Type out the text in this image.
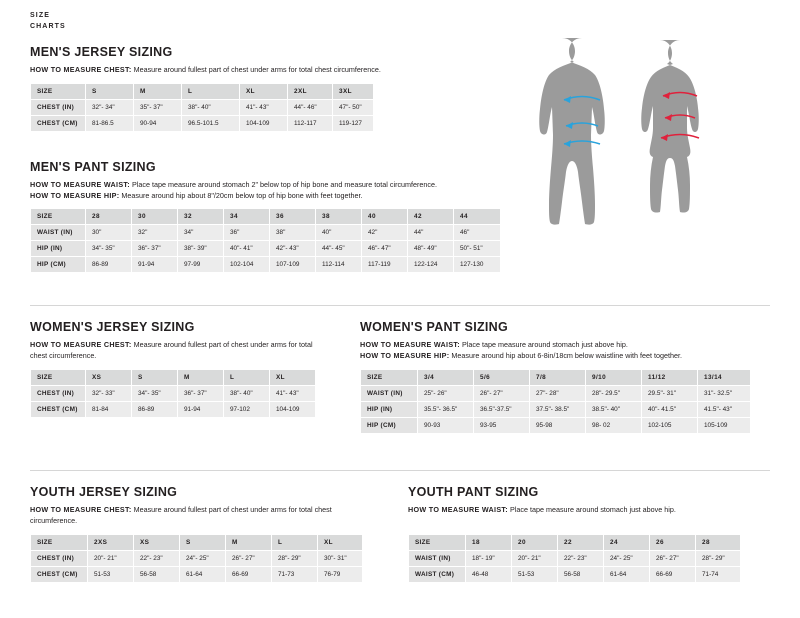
SIZE
CHARTS
MEN'S JERSEY SIZING

HOW TO MEASURE CHEST: Measure around fullest part of chest under arms for total chest circumference.

SIZE	S	M	L	XL	2XL	3XL
CHEST (IN)	32"- 34"	35"- 37"	38"- 40"	41"- 43"	44"- 46"	47"- 50"
CHEST (CM)	81-86.5	90-94	96.5-101.5	104-109	112-117	119-127
MEN'S PANT SIZING

HOW TO MEASURE WAIST: Place tape measure around stomach 2" below top of hip bone and measure total circumference.
HOW TO MEASURE HIP: Measure around hip about 8"/20cm below top of hip bone with feet together.

SIZE	28	30	32	34	36	38	40	42	44
WAIST (IN)	30"	32"	34"	36"	38"	40"	42"	44"	46"
HIP (IN)	34"- 35"	36"- 37"	38"- 39"	40"- 41"	42"- 43"	44"- 45"	46"- 47"	48"- 49"	50"- 51"
HIP (CM)	86-89	91-94	97-99	102-104	107-109	112-114	117-119	122-124	127-130
WOMEN'S JERSEY SIZING

HOW TO MEASURE CHEST: Measure around fullest part of chest under arms for total chest circumference.

SIZE	XS	S	M	L	XL
CHEST (IN)	32"- 33"	34"- 35"	36"- 37"	38"- 40"	41"- 43"
CHEST (CM)	81-84	86-89	91-94	97-102	104-109
WOMEN'S PANT SIZING

HOW TO MEASURE WAIST: Place tape measure around stomach just above hip.
HOW TO MEASURE HIP: Measure around hip about 6-8in/18cm below waistline with feet together.

SIZE	3/4	5/6	7/8	9/10	11/12	13/14
WAIST (IN)	25"- 26"	26"- 27"	27"- 28"	28"- 29.5"	29.5"- 31"	31"- 32.5"
HIP (IN)	35.5"- 36.5"	36.5"-37.5"	37.5"- 38.5"	38.5"- 40"	40"- 41.5"	41.5"- 43"
HIP (CM)	90-93	93-95	95-98	98- 02	102-105	105-109
YOUTH JERSEY SIZING

HOW TO MEASURE CHEST: Measure around fullest part of chest under arms for total chest circumference.

SIZE	2XS	XS	S	M	L	XL
CHEST (IN)	20"- 21"	22"- 23"	24"- 25"	26"- 27"	28"- 29"	30"- 31"
CHEST (CM)	51-53	56-58	61-64	66-69	71-73	76-79
YOUTH PANT SIZING

HOW TO MEASURE WAIST: Place tape measure around stomach just above hip.

SIZE	18	20	22	24	26	28
WAIST (IN)	18"- 19"	20"- 21"	22"- 23"	24"- 25"	26"- 27"	28"- 29"
WAIST (CM)	46-48	51-53	56-58	61-64	66-69	71-74
